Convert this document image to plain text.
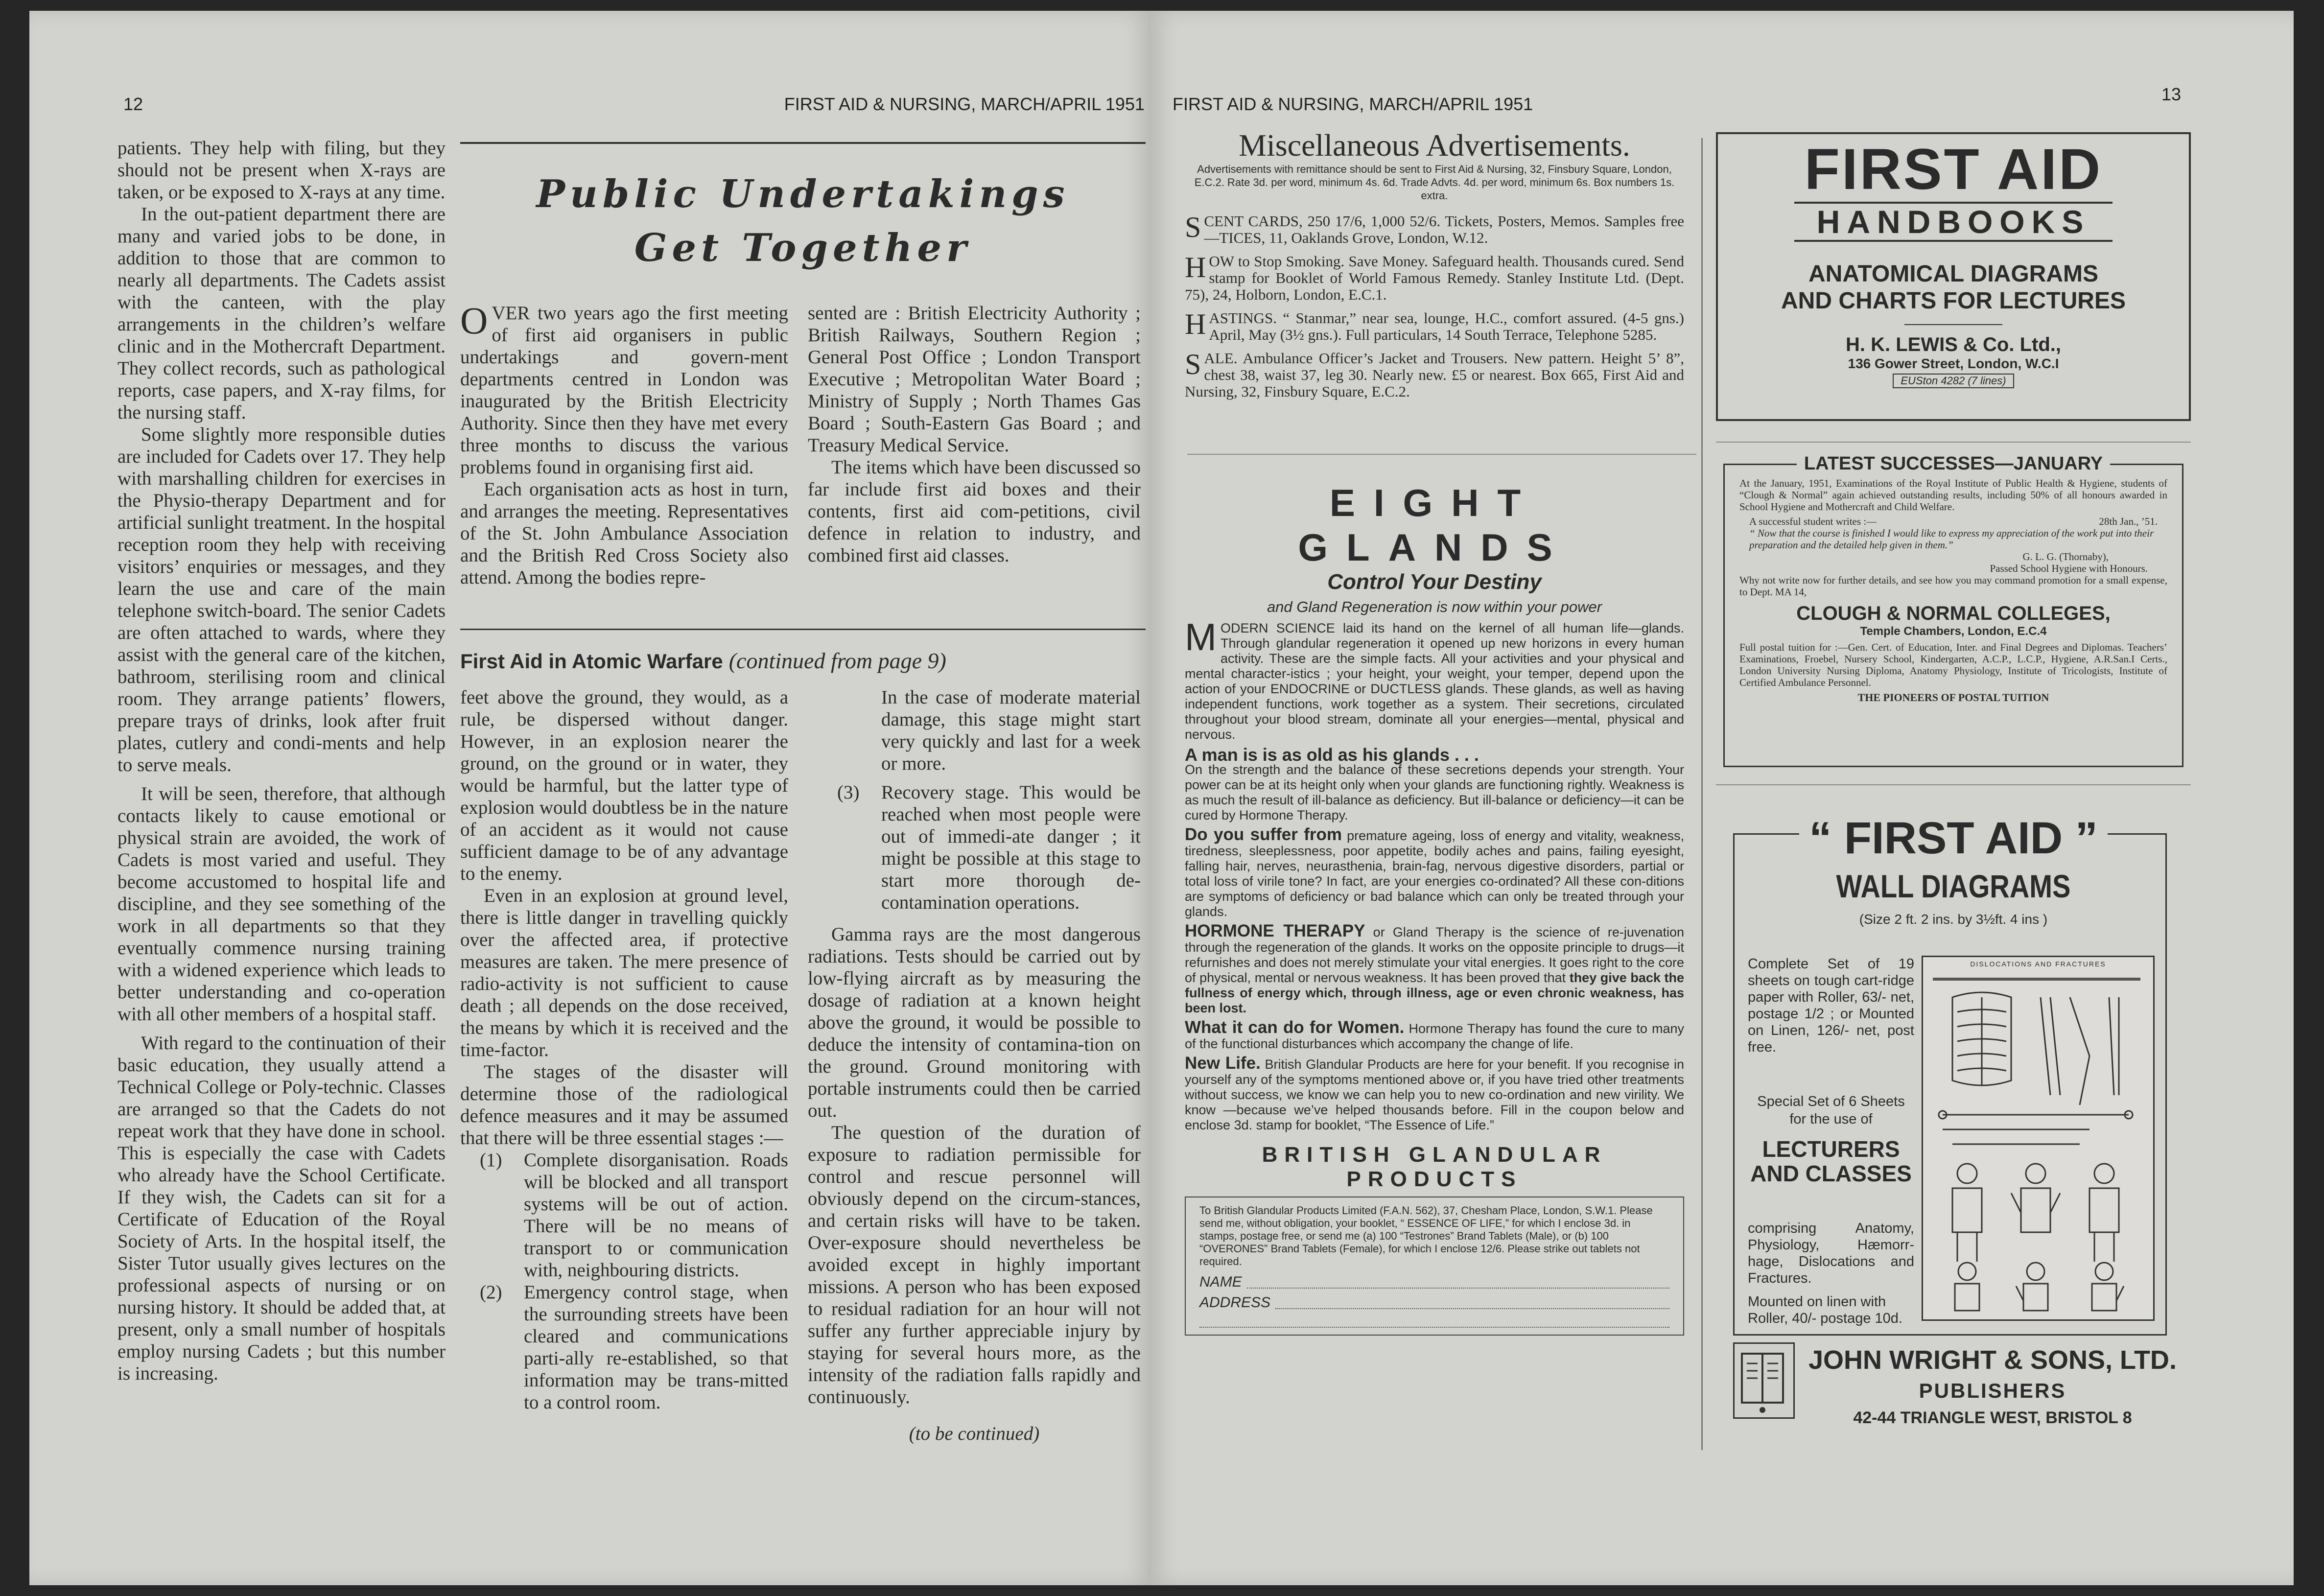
12	FIRST AID & NURSING, MARCH/APRIL 1951

patients. They help with filing, but they should not be present when X-rays are taken, or be exposed to X-rays at any time.

In the out-patient department there are many and varied jobs to be done, in addition to those that are common to nearly all departments. The Cadets assist with the canteen, with the play arrangements in the children’s welfare clinic and in the Mothercraft Department. They collect records, such as pathological reports, case papers, and X-ray films, for the nursing staff.

Some slightly more responsible duties are included for Cadets over 17. They help with marshalling children for exercises in the Physio-therapy Department and for artificial sunlight treatment. In the hospital reception room they help with receiving visitors’ enquiries or messages, and they learn the use and care of the main telephone switch-board. The senior Cadets are often attached to wards, where they assist with the general care of the kitchen, bathroom, sterilising room and clinical room. They arrange patients’ flowers, prepare trays of drinks, look after fruit plates, cutlery and condi-ments and help to serve meals.

It will be seen, therefore, that although contacts likely to cause emotional or physical strain are avoided, the work of Cadets is most varied and useful. They become accustomed to hospital life and discipline, and they see something of the work in all departments so that they eventually commence nursing training with a widened experience which leads to better understanding and co-operation with all other members of a hospital staff.

With regard to the continuation of their basic education, they usually attend a Technical College or Poly-technic. Classes are arranged so that the Cadets do not repeat work that they have done in school. This is especially the case with Cadets who already have the School Certificate. If they wish, the Cadets can sit for a Certificate of Education of the Royal Society of Arts. In the hospital itself, the Sister Tutor usually gives lectures on the professional aspects of nursing or on nursing history. It should be added that, at present, only a small number of hospitals employ nursing Cadets ; but this number is increasing.

Public Undertakings
Get Together

OVER two years ago the first meeting of first aid organisers in public undertakings and govern-ment departments centred in London was inaugurated by the British Electricity Authority. Since then they have met every three months to discuss the various problems found in organising first aid.

Each organisation acts as host in turn, and arranges the meeting. Representatives of the St. John Ambulance Association and the British Red Cross Society also attend. Among the bodies repre-

sented are : British Electricity Authority ; British Railways, Southern Region ; General Post Office ; London Transport Executive ; Metropolitan Water Board ; Ministry of Supply ; North Thames Gas Board ; South-Eastern Gas Board ; and Treasury Medical Service.

The items which have been discussed so far include first aid boxes and their contents, first aid com-petitions, civil defence in relation to industry, and combined first aid classes.

First Aid in Atomic Warfare (continued from page 9)

feet above the ground, they would, as a rule, be dispersed without danger. However, in an explosion nearer the ground, on the ground or in water, they would be harmful, but the latter type of explosion would doubtless be in the nature of an accident as it would not cause sufficient damage to be of any advantage to the enemy.

Even in an explosion at ground level, there is little danger in travelling quickly over the affected area, if protective measures are taken. The mere presence of radio-activity is not sufficient to cause death ; all depends on the dose received, the means by which it is received and the time-factor.

The stages of the disaster will determine those of the radiological defence measures and it may be assumed that there will be three essential stages :—

(1)	Complete disorganisation. Roads will be blocked and all transport systems will be out of action. There will be no means of transport to or communication with, neighbouring districts.
(2)	Emergency control stage, when the surrounding streets have been cleared and communications parti-ally re-established, so that information may be trans-mitted to a control room.

In the case of moderate material damage, this stage might start very quickly and last for a week or more.

(3)	Recovery stage. This would be reached when most people were out of immedi-ate danger ; it might be possible at this stage to start more thorough de-contamination operations.

Gamma rays are the most dangerous radiations. Tests should be carried out by low-flying aircraft as by measuring the dosage of radiation at a known height above the ground, it would be possible to deduce the intensity of contamina-tion on the ground. Ground monitoring with portable instruments could then be carried out.

The question of the duration of exposure to radiation permissible for control and rescue personnel will obviously depend on the circum-stances, and certain risks will have to be taken. Over-exposure should nevertheless be avoided except in highly important missions. A person who has been exposed to residual radiation for an hour will not suffer any further appreciable injury by staying for several hours more, as the intensity of the radiation falls rapidly and continuously.

(to be continued)

FIRST AID & NURSING, MARCH/APRIL 1951	13
Miscellaneous Advertisements.
Advertisements with remittance should be sent to First Aid & Nursing, 32, Finsbury Square, London, E.C.2. Rate 3d. per word, minimum 4s. 6d. Trade Advts. 4d. per word, minimum 6s. Box numbers 1s. extra.

SCENT CARDS, 250 17/6, 1,000 52/6. Tickets, Posters, Memos. Samples free—TICES, 11, Oaklands Grove, London, W.12.

HOW to Stop Smoking. Save Money. Safeguard health. Thousands cured. Send stamp for Booklet of World Famous Remedy. Stanley Institute Ltd. (Dept. 75), 24, Holborn, London, E.C.1.

HASTINGS. “ Stanmar,” near sea, lounge, H.C., comfort assured. (4-5 gns.) April, May (3½ gns.). Full particulars, 14 South Terrace, Telephone 5285.

SALE. Ambulance Officer’s Jacket and Trousers. New pattern. Height 5’ 8”, chest 38, waist 37, leg 30. Nearly new. £5 or nearest. Box 665, First Aid and Nursing, 32, Finsbury Square, E.C.2.

EIGHT GLANDS
Control Your Destiny
and Gland Regeneration is now within your power
MODERN SCIENCE laid its hand on the kernel of all human life—glands. Through glandular regeneration it opened up new horizons in every human activity. These are the simple facts. All your activities and your physical and mental character-istics ; your height, your weight, your temper, depend upon the action of your ENDOCRINE or DUCTLESS glands. These glands, as well as having independent functions, work together as a system. Their secretions, circulated throughout your blood stream, dominate all your energies—mental, physical and nervous.
A man is is as old as his glands . . .
On the strength and the balance of these secretions depends your strength. Your power can be at its height only when your glands are functioning rightly. Weakness is as much the result of ill-balance as deficiency. But ill-balance or deficiency—it can be cured by Hormone Therapy.
Do you suffer from premature ageing, loss of energy and vitality, weakness, tiredness, sleeplessness, poor appetite, bodily aches and pains, failing eyesight, falling hair, nerves, neurasthenia, brain-fag, nervous digestive disorders, partial or total loss of virile tone? In fact, are your energies co-ordinated? All these con-ditions are symptoms of deficiency or bad balance which can only be treated through your glands.
HORMONE THERAPY or Gland Therapy is the science of re-juvenation through the regeneration of the glands. It works on the opposite principle to drugs—it refurnishes and does not merely stimulate your vital energies. It goes right to the core of physical, mental or nervous weakness. It has been proved that they give back the fullness of energy which, through illness, age or even chronic weakness, has been lost.
What it can do for Women. Hormone Therapy has found the cure to many of the functional disturbances which accompany the change of life.
New Life. British Glandular Products are here for your benefit. If you recognise in yourself any of the symptoms mentioned above or, if you have tried other treatments without success, we know we can help you to new co-ordination and new virility. We know —because we’ve helped thousands before. Fill in the coupon below and enclose 3d. stamp for booklet, “The Essence of Life.”
BRITISH GLANDULAR PRODUCTS
To British Glandular Products Limited (F.A.N. 562), 37, Chesham Place, London, S.W.1. Please send me, without obligation, your booklet, “ ESSENCE OF LIFE,” for which I enclose 3d. in stamps, postage free, or send me (a) 100 “Testrones” Brand Tablets (Male), or (b) 100 “OVERONES” Brand Tablets (Female), for which I enclose 12/6. Please strike out tablets not required.
NAME
ADDRESS
FIRST AID
HANDBOOKS
ANATOMICAL DIAGRAMS
AND CHARTS FOR LECTURES
H. K. LEWIS & Co. Ltd.,
136 Gower Street, London, W.C.I
EUSton 4282 (7 lines)
LATEST SUCCESSES—JANUARY
At the January, 1951, Examinations of the Royal Institute of Public Health & Hygiene, students of “Clough & Normal” again achieved outstanding results, including 50% of all honours awarded in School Hygiene and Mothercraft and Child Welfare.
A successful student writes :—	28th Jan., ’51.
“ Now that the course is finished I would like to express my appreciation of the work put into their preparation and the detailed help given in them.”
G. L. G. (Thornaby),
Passed School Hygiene with Honours.
Why not write now for further details, and see how you may command promotion for a small expense, to Dept. MA 14,
CLOUGH & NORMAL COLLEGES,
Temple Chambers, London, E.C.4
Full postal tuition for :—Gen. Cert. of Education, Inter. and Final Degrees and Diplomas. Teachers’ Examinations, Froebel, Nursery School, Kindergarten, A.C.P., L.C.P., Hygiene, A.R.San.I Certs., London University Nursing Diploma, Anatomy Physiology, Institute of Tricologists, Institute of Certified Ambulance Personnel.
THE PIONEERS OF POSTAL TUITION
“ FIRST AID ”
WALL DIAGRAMS
(Size 2 ft. 2 ins. by 3½ft. 4 ins )
Complete Set of 19 sheets on tough cart-ridge paper with Roller, 63/- net, postage 1/2 ; or Mounted on Linen, 126/- net, post free.
Special Set of 6 Sheets for the use of
LECTURERS AND CLASSES
comprising Anatomy, Physiology, Hæmorr-hage, Dislocations and Fractures.
Mounted on linen with Roller, 40/- postage 10d.
DISLOCATIONS AND FRACTURES
JOHN WRIGHT & SONS, LTD.
PUBLISHERS
42-44 TRIANGLE WEST, BRISTOL 8
